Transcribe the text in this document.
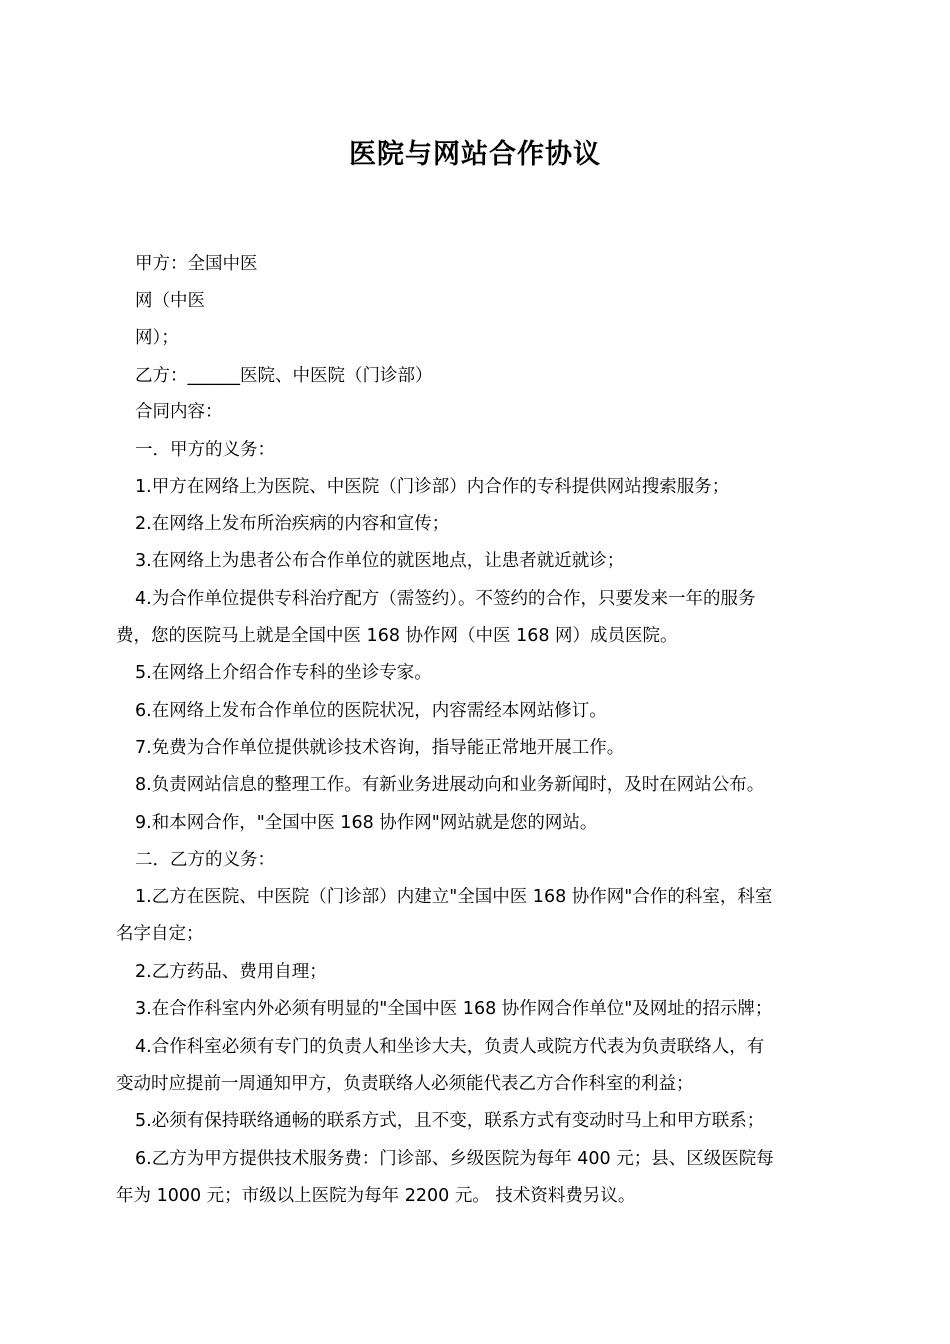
医院与网站合作协议
甲方：全国中医
网（中医
网）；
乙方：______医院、中医院（门诊部）
合同内容：
一．甲方的义务：
1.甲方在网络上为医院、中医院（门诊部）内合作的专科提供网站搜索服务；
2.在网络上发布所治疾病的内容和宣传；
3.在网络上为患者公布合作单位的就医地点，让患者就近就诊；
4.为合作单位提供专科治疗配方（需签约）。不签约的合作，只要发来一年的服务
费，您的医院马上就是全国中医 168 协作网（中医 168 网）成员医院。
5.在网络上介绍合作专科的坐诊专家。
6.在网络上发布合作单位的医院状况，内容需经本网站修订。
7.免费为合作单位提供就诊技术咨询，指导能正常地开展工作。
8.负责网站信息的整理工作。有新业务进展动向和业务新闻时，及时在网站公布。
9.和本网合作，"全国中医 168 协作网"网站就是您的网站。
二．乙方的义务：
1.乙方在医院、中医院（门诊部）内建立"全国中医 168 协作网"合作的科室，科室
名字自定；
2.乙方药品、费用自理；
3.在合作科室内外必须有明显的"全国中医 168 协作网合作单位"及网址的招示牌；
4.合作科室必须有专门的负责人和坐诊大夫，负责人或院方代表为负责联络人，有
变动时应提前一周通知甲方，负责联络人必须能代表乙方合作科室的利益；
5.必须有保持联络通畅的联系方式，且不变，联系方式有变动时马上和甲方联系；
6.乙方为甲方提供技术服务费：门诊部、乡级医院为每年 400 元；县、区级医院每
年为 1000 元；市级以上医院为每年 2200 元。 技术资料费另议。
